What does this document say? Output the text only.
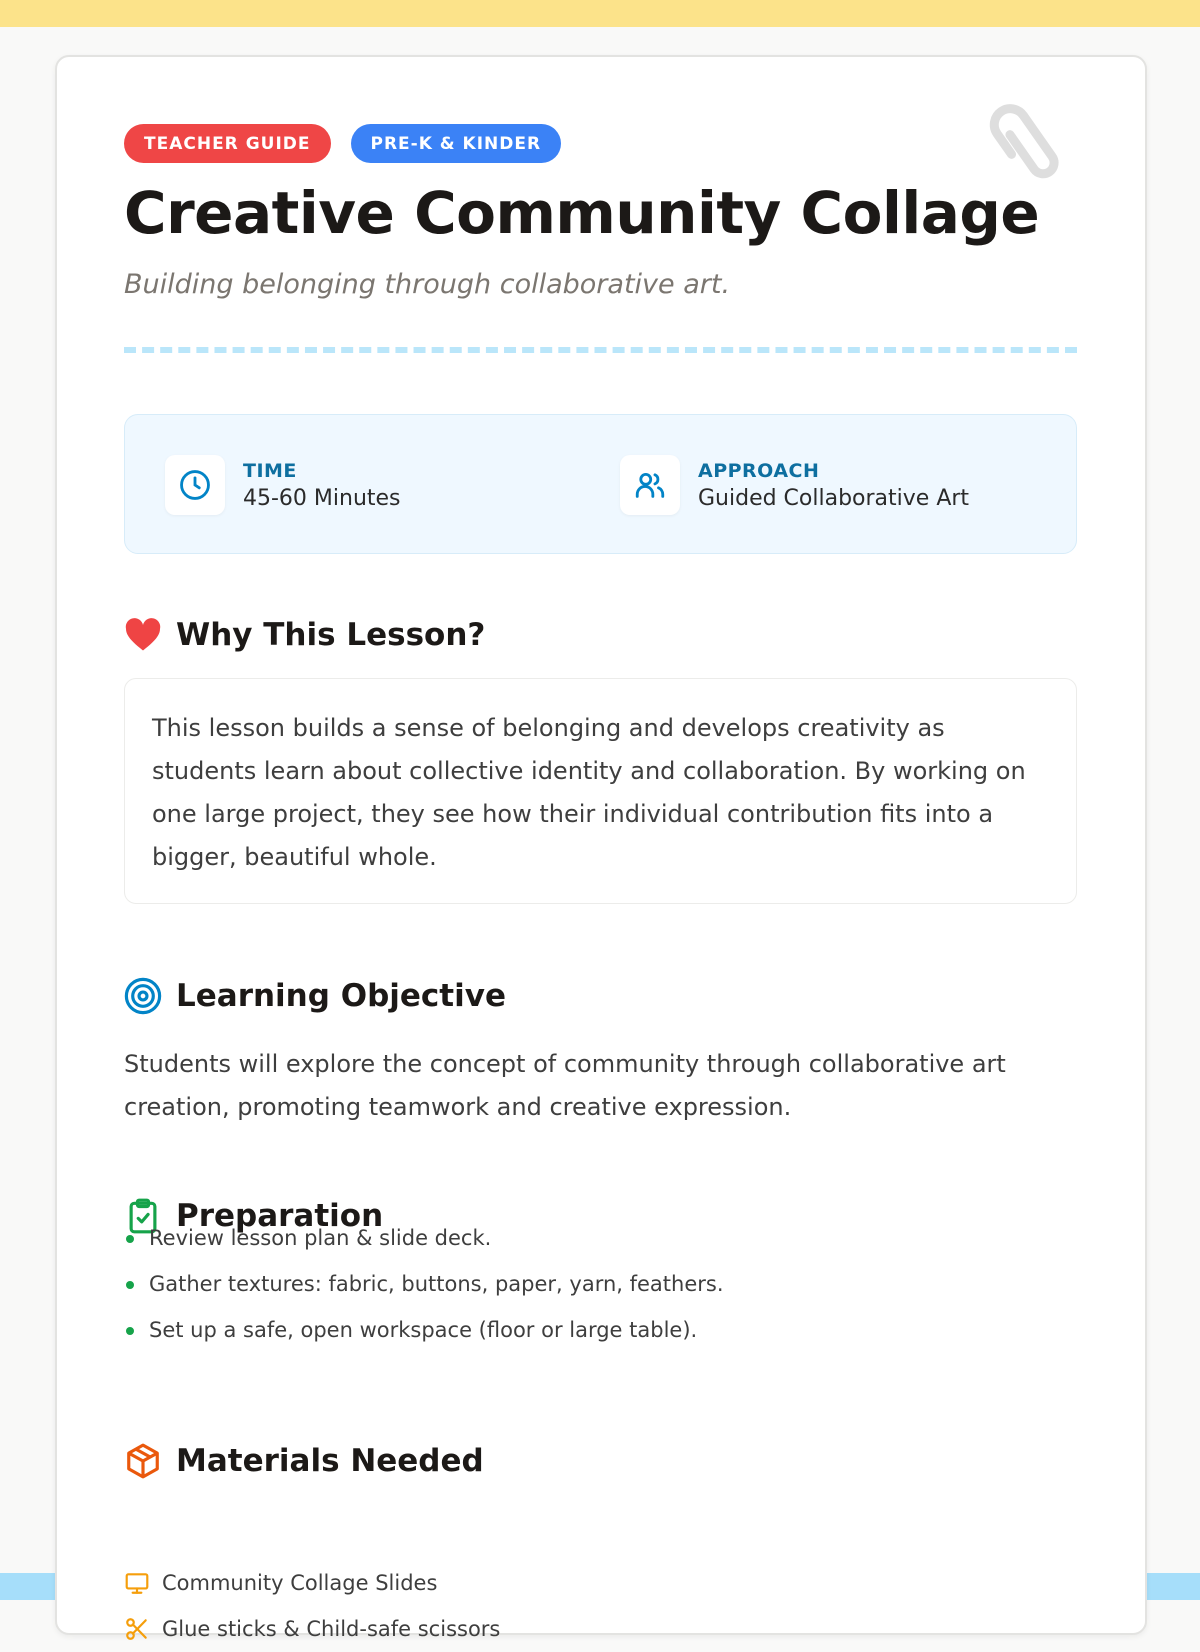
TEACHER GUIDE	PRE-K & KINDER
Creative Community Collage
Building belonging through collaborative art.
TIME
45-60 Minutes
APPROACH
Guided Collaborative Art
Why This Lesson?
This lesson builds a sense of belonging and develops creativity as students learn about collective identity and collaboration. By working on one large project, they see how their individual contribution fits into a bigger, beautiful whole.
Learning Objective
Students will explore the concept of community through collaborative art creation, promoting teamwork and creative expression.
Preparation
Review lesson plan & slide deck.
Gather textures: fabric, buttons, paper, yarn, feathers.
Set up a safe, open workspace (floor or large table).
Materials Needed
Community Collage Slides
Glue sticks & Child-safe scissors
